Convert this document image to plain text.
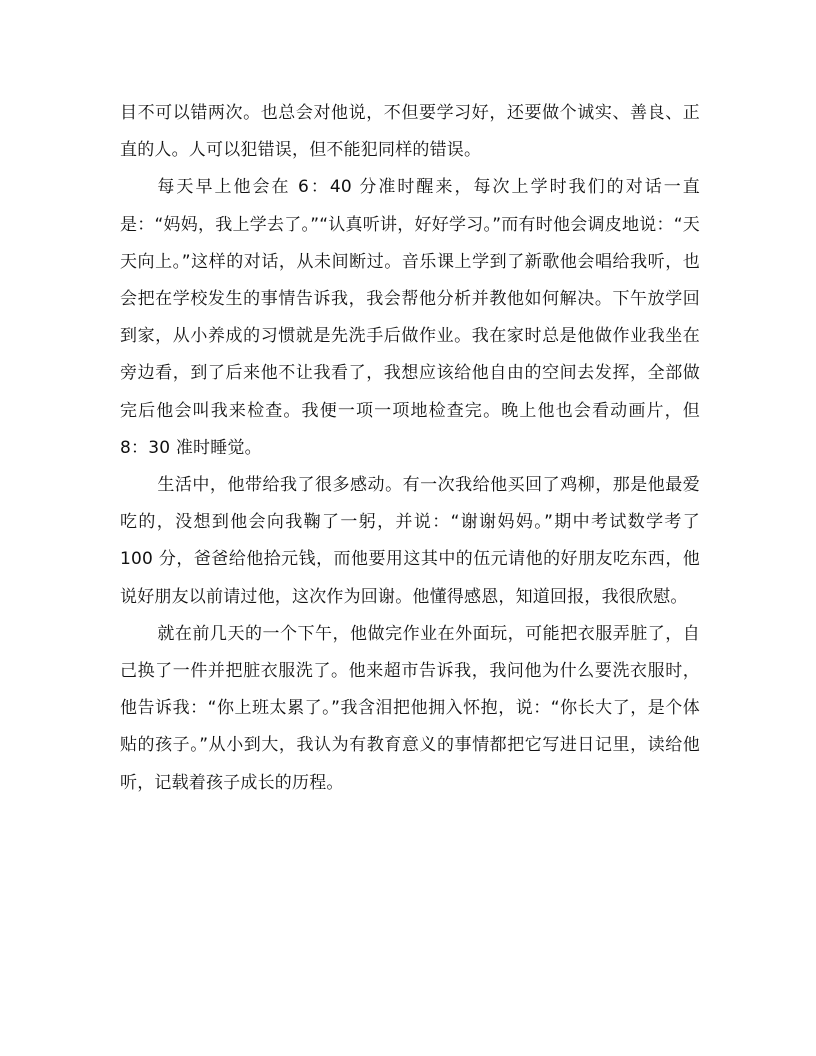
目不可以错两次。也总会对他说，不但要学习好，还要做个诚实、善良、正直的人。人可以犯错误，但不能犯同样的错误。

每天早上他会在 6：40 分准时醒来，每次上学时我们的对话一直是：“妈妈，我上学去了。”“认真听讲，好好学习。”而有时他会调皮地说：“天天向上。”这样的对话，从未间断过。音乐课上学到了新歌他会唱给我听，也会把在学校发生的事情告诉我，我会帮他分析并教他如何解决。下午放学回到家，从小养成的习惯就是先洗手后做作业。我在家时总是他做作业我坐在旁边看，到了后来他不让我看了，我想应该给他自由的空间去发挥，全部做完后他会叫我来检查。我便一项一项地检查完。晚上他也会看动画片，但 8：30 准时睡觉。

生活中，他带给我了很多感动。有一次我给他买回了鸡柳，那是他最爱吃的，没想到他会向我鞠了一躬，并说：“谢谢妈妈。”期中考试数学考了 100 分，爸爸给他拾元钱，而他要用这其中的伍元请他的好朋友吃东西，他说好朋友以前请过他，这次作为回谢。他懂得感恩，知道回报，我很欣慰。

就在前几天的一个下午，他做完作业在外面玩，可能把衣服弄脏了，自己换了一件并把脏衣服洗了。他来超市告诉我，我问他为什么要洗衣服时，他告诉我：“你上班太累了。”我含泪把他拥入怀抱，说：“你长大了，是个体贴的孩子。”从小到大，我认为有教育意义的事情都把它写进日记里，读给他听，记载着孩子成长的历程。
